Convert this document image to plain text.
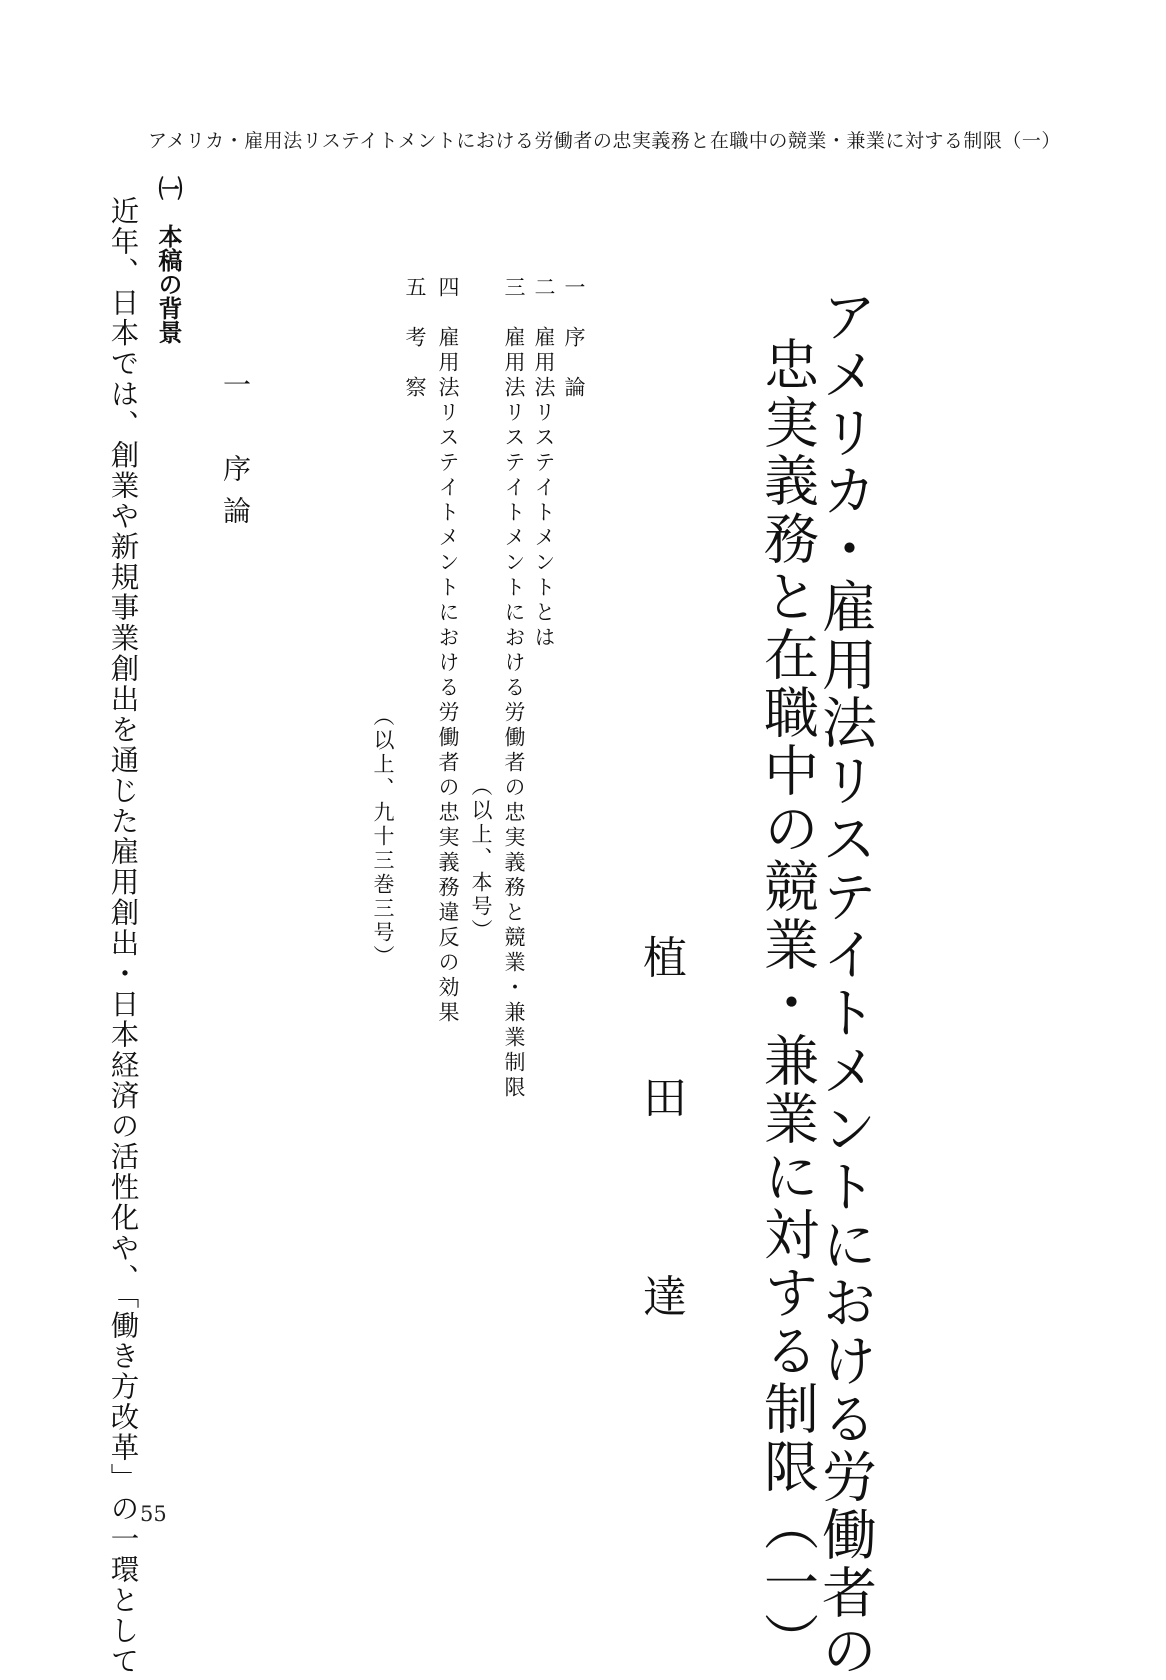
アメリカ・雇用法リステイトメントにおける労働者の忠実義務と在職中の競業・兼業に対する制限（一）
アメリカ・雇用法リステイトメントにおける労働者の
忠実義務と在職中の競業・兼業に対する制限（一）
植
田
達
一　序　論
二　雇用法リステイトメントとは
三　雇用法リステイトメントにおける労働者の忠実義務と競業・兼業制限
（以上、本号）
四　雇用法リステイトメントにおける労働者の忠実義務違反の効果
五　考　察
（以上、九十三巻三号）
一　序論
㈠　本稿の背景
近年、日本では、創業や新規事業創出を通じた雇用創出・日本経済の活性化や、「働き方改革」の一環として 55
